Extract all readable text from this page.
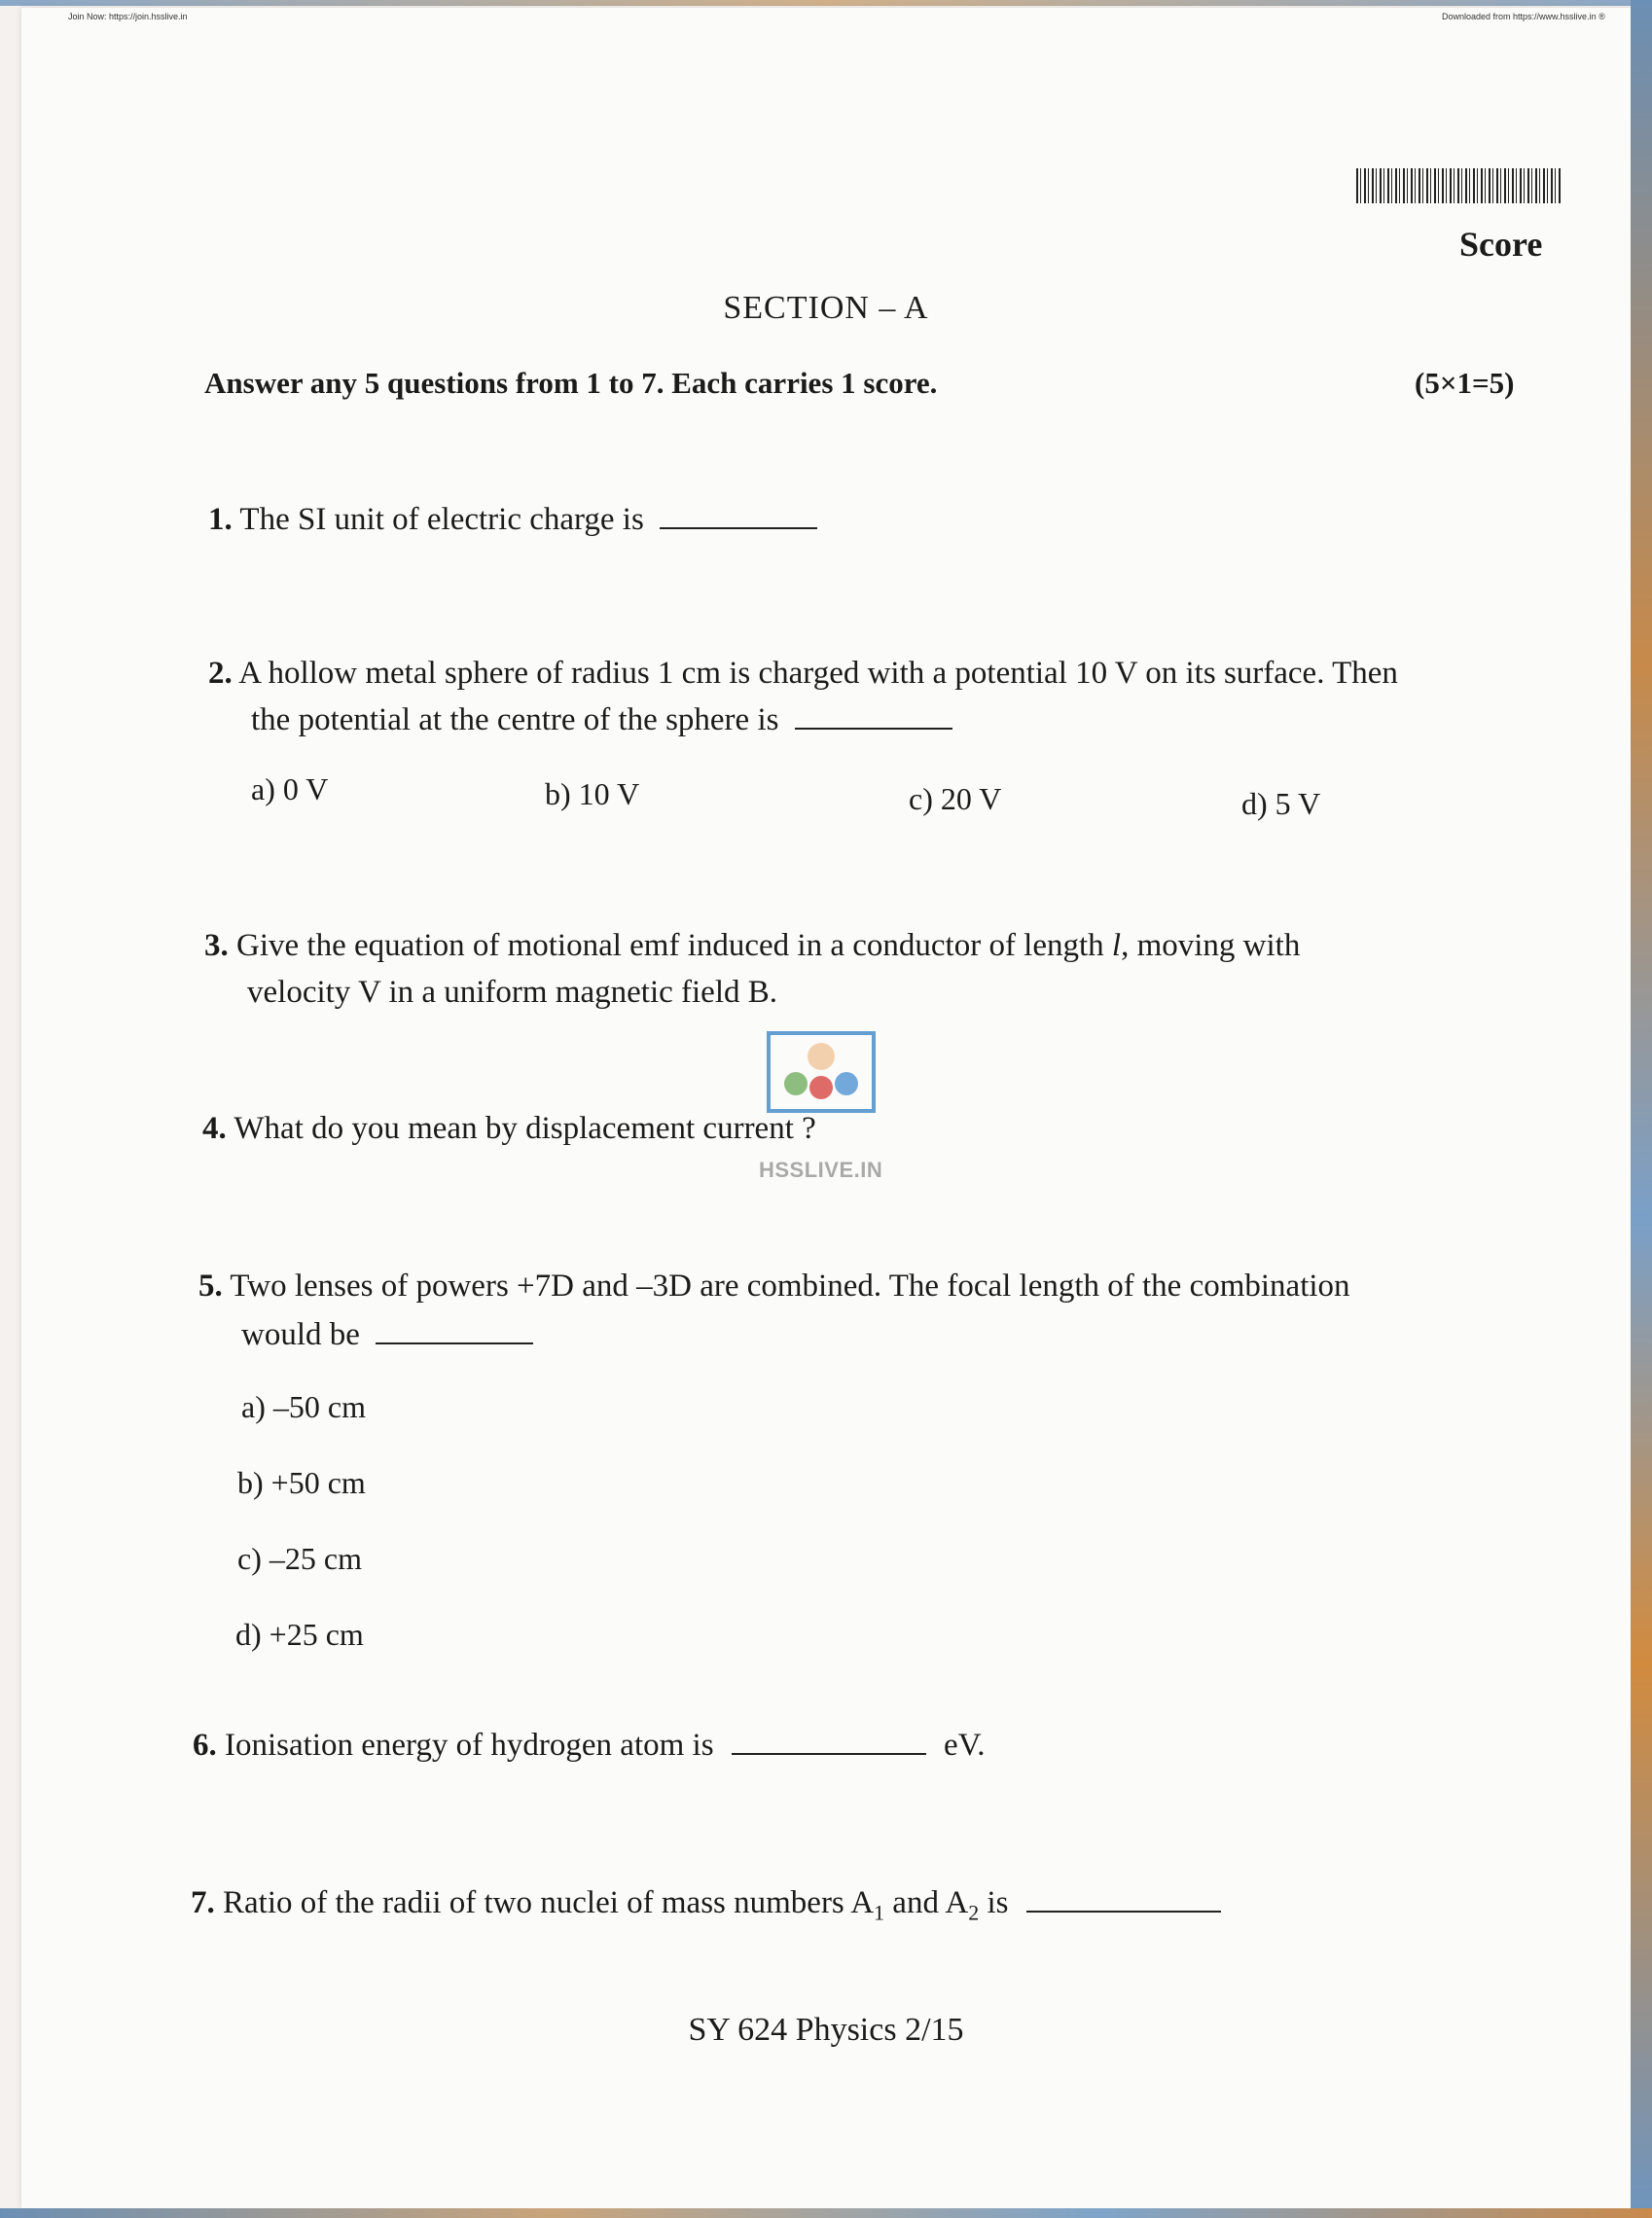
Join Now: https://join.hsslive.in	Downloaded from https://www.hsslive.in ®
Score
SECTION – A
Answer any 5 questions from 1 to 7. Each carries 1 score.	(5×1=5)
1. The SI unit of electric charge is
2. A hollow metal sphere of radius 1 cm is charged with a potential 10 V on its surface. Then
the potential at the centre of the sphere is
a) 0 V	b) 10 V	c) 20 V	d) 5 V
3. Give the equation of motional emf induced in a conductor of length l, moving with
velocity V in a uniform magnetic field B.
4. What do you mean by displacement current ?
HSSLIVE.IN
5. Two lenses of powers +7D and –3D are combined. The focal length of the combination
would be
a) –50 cm
b) +50 cm
c) –25 cm
d) +25 cm
6. Ionisation energy of hydrogen atom is	eV.
7. Ratio of the radii of two nuclei of mass numbers $A_1$ and $A_2$ is
SY 624 Physics 2/15
